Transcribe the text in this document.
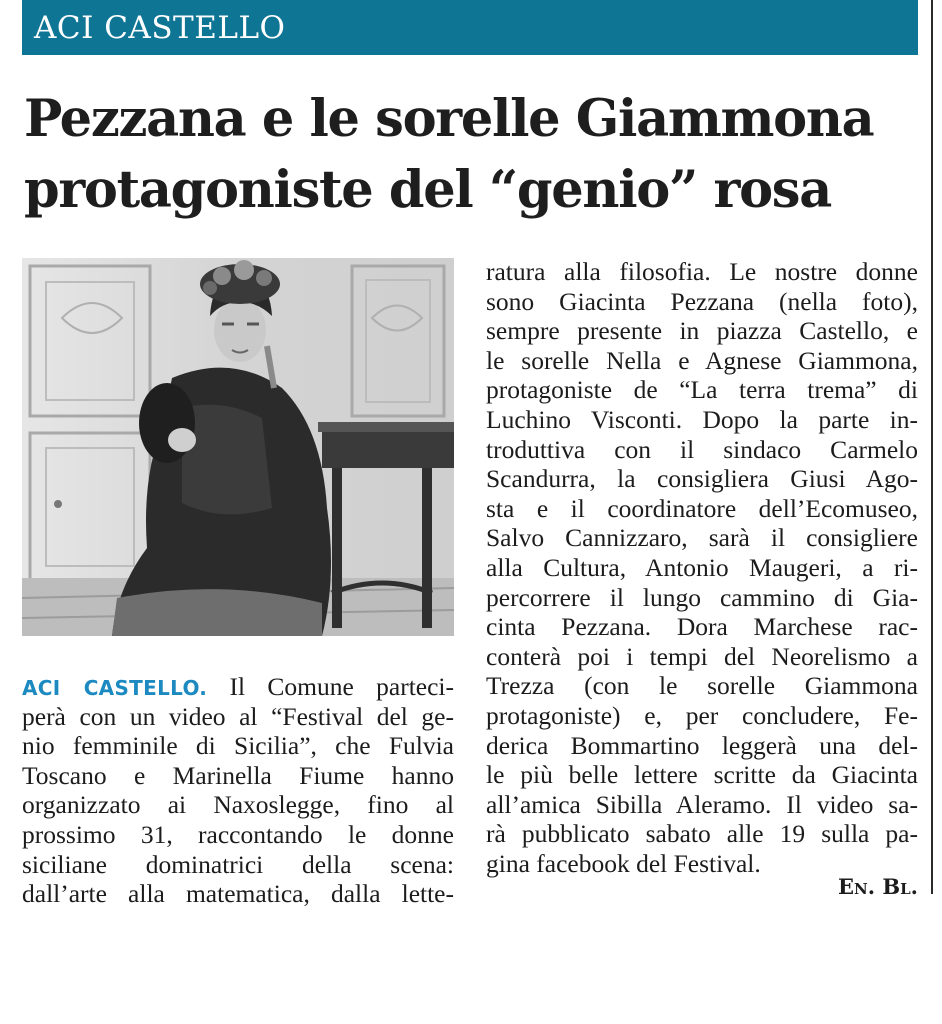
ACI CASTELLO
Pezzana e le sorelle Giammona
protagoniste del “genio” rosa
ACI CASTELLO. Il Comune parteci-
perà con un video al “Festival del ge-
nio femminile di Sicilia”, che Fulvia
Toscano e Marinella Fiume hanno
organizzato ai Naxoslegge, fino al
prossimo 31, raccontando le donne
siciliane dominatrici della scena:
dall’arte alla matematica, dalla lette-
ratura alla filosofia. Le nostre donne
sono Giacinta Pezzana (nella foto),
sempre presente in piazza Castello, e
le sorelle Nella e Agnese Giammona,
protagoniste de “La terra trema” di
Luchino Visconti. Dopo la parte in-
troduttiva con il sindaco Carmelo
Scandurra, la consigliera Giusi Ago-
sta e il coordinatore dell’Ecomuseo,
Salvo Cannizzaro, sarà il consigliere
alla Cultura, Antonio Maugeri, a ri-
percorrere il lungo cammino di Gia-
cinta Pezzana. Dora Marchese rac-
conterà poi i tempi del Neorelismo a
Trezza (con le sorelle Giammona
protagoniste) e, per concludere, Fe-
derica Bommartino leggerà una del-
le più belle lettere scritte da Giacinta
all’amica Sibilla Aleramo. Il video sa-
rà pubblicato sabato alle 19 sulla pa-
gina facebook del Festival.
En. Bl.
